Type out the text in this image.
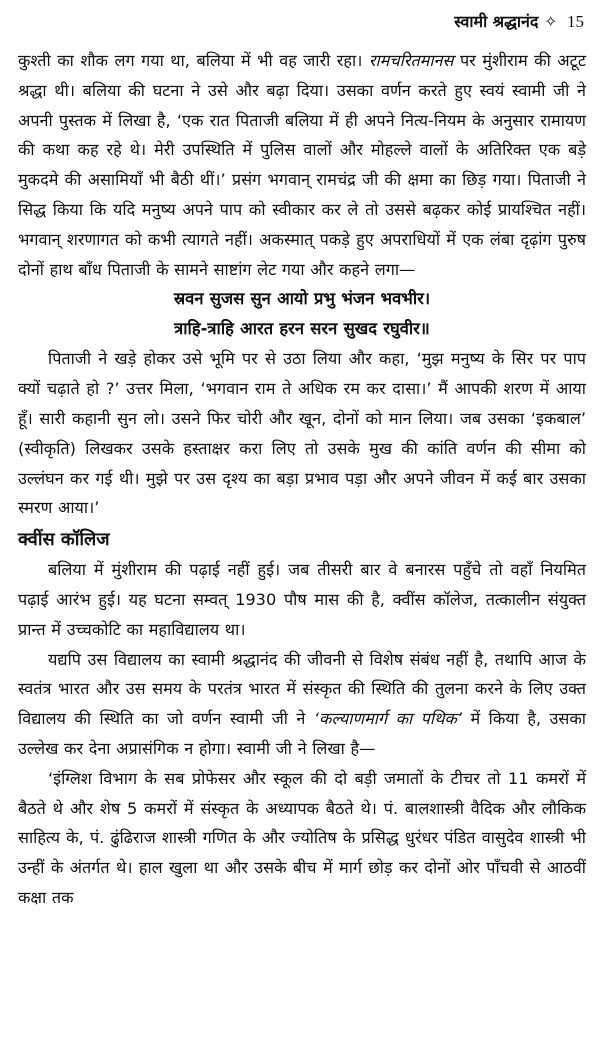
स्वामी श्रद्धानंद ✧ 15

कुश्ती का शौक लग गया था, बलिया में भी वह जारी रहा। रामचरितमानस पर मुंशीराम की अटूट श्रद्धा थी। बलिया की घटना ने उसे और बढ़ा दिया। उसका वर्णन करते हुए स्वयं स्वामी जी ने अपनी पुस्तक में लिखा है, ‘एक रात पिताजी बलिया में ही अपने नित्य-नियम के अनुसार रामायण की कथा कह रहे थे। मेरी उपस्थिति में पुलिस वालों और मोहल्ले वालों के अतिरिक्त एक बड़े मुकदमे की असामियाँ भी बैठी थीं।’ प्रसंग भगवान् रामचंद्र जी की क्षमा का छिड़ गया। पिताजी ने सिद्ध किया कि यदि मनुष्य अपने पाप को स्वीकार कर ले तो उससे बढ़कर कोई प्रायश्चित नहीं। भगवान् शरणागत को कभी त्यागते नहीं। अकस्मात् पकड़े हुए अपराधियों में एक लंबा दृढ़ांग पुरुष दोनों हाथ बाँध पिताजी के सामने साष्टांग लेट गया और कहने लगा—

स्रवन सुजस सुन आयो प्रभु भंजन भवभीर।

त्राहि-त्राहि आरत हरन सरन सुखद रघुवीर॥

पिताजी ने खड़े होकर उसे भूमि पर से उठा लिया और कहा, ‘मुझ मनुष्य के सिर पर पाप क्यों चढ़ाते हो ?’ उत्तर मिला, ‘भगवान राम ते अधिक रम कर दासा।’ मैं आपकी शरण में आया हूँ। सारी कहानी सुन लो। उसने फिर चोरी और खून, दोनों को मान लिया। जब उसका ‘इकबाल’ (स्वीकृति) लिखकर उसके हस्ताक्षर करा लिए तो उसके मुख की कांति वर्णन की सीमा को उल्लंघन कर गई थी। मुझे पर उस दृश्य का बड़ा प्रभाव पड़ा और अपने जीवन में कई बार उसका स्मरण आया।’

क्वींस कॉलिज

बलिया में मुंशीराम की पढ़ाई नहीं हुई। जब तीसरी बार वे बनारस पहुँचे तो वहाँ नियमित पढ़ाई आरंभ हुई। यह घटना सम्वत् 1930 पौष मास की है, क्वींस कॉलेज, तत्कालीन संयुक्त प्रान्त में उच्चकोटि का महाविद्यालय था।

यद्यपि उस विद्यालय का स्वामी श्रद्धानंद की जीवनी से विशेष संबंध नहीं है, तथापि आज के स्वतंत्र भारत और उस समय के परतंत्र भारत में संस्कृत की स्थिति की तुलना करने के लिए उक्त विद्यालय की स्थिति का जो वर्णन स्वामी जी ने ‘कल्याणमार्ग का पथिक’ में किया है, उसका उल्लेख कर देना अप्रासंगिक न होगा। स्वामी जी ने लिखा है—

‘इंग्लिश विभाग के सब प्रोफेसर और स्कूल की दो बड़ी जमातों के टीचर तो 11 कमरों में बैठते थे और शेष 5 कमरों में संस्कृत के अध्यापक बैठते थे। पं. बालशास्त्री वैदिक और लौकिक साहित्य के, पं. ढुंढिराज शास्त्री गणित के और ज्योतिष के प्रसिद्ध धुरंधर पंडित वासुदेव शास्त्री भी उन्हीं के अंतर्गत थे। हाल खुला था और उसके बीच में मार्ग छोड़ कर दोनों ओर पाँचवी से आठवीं कक्षा तक
